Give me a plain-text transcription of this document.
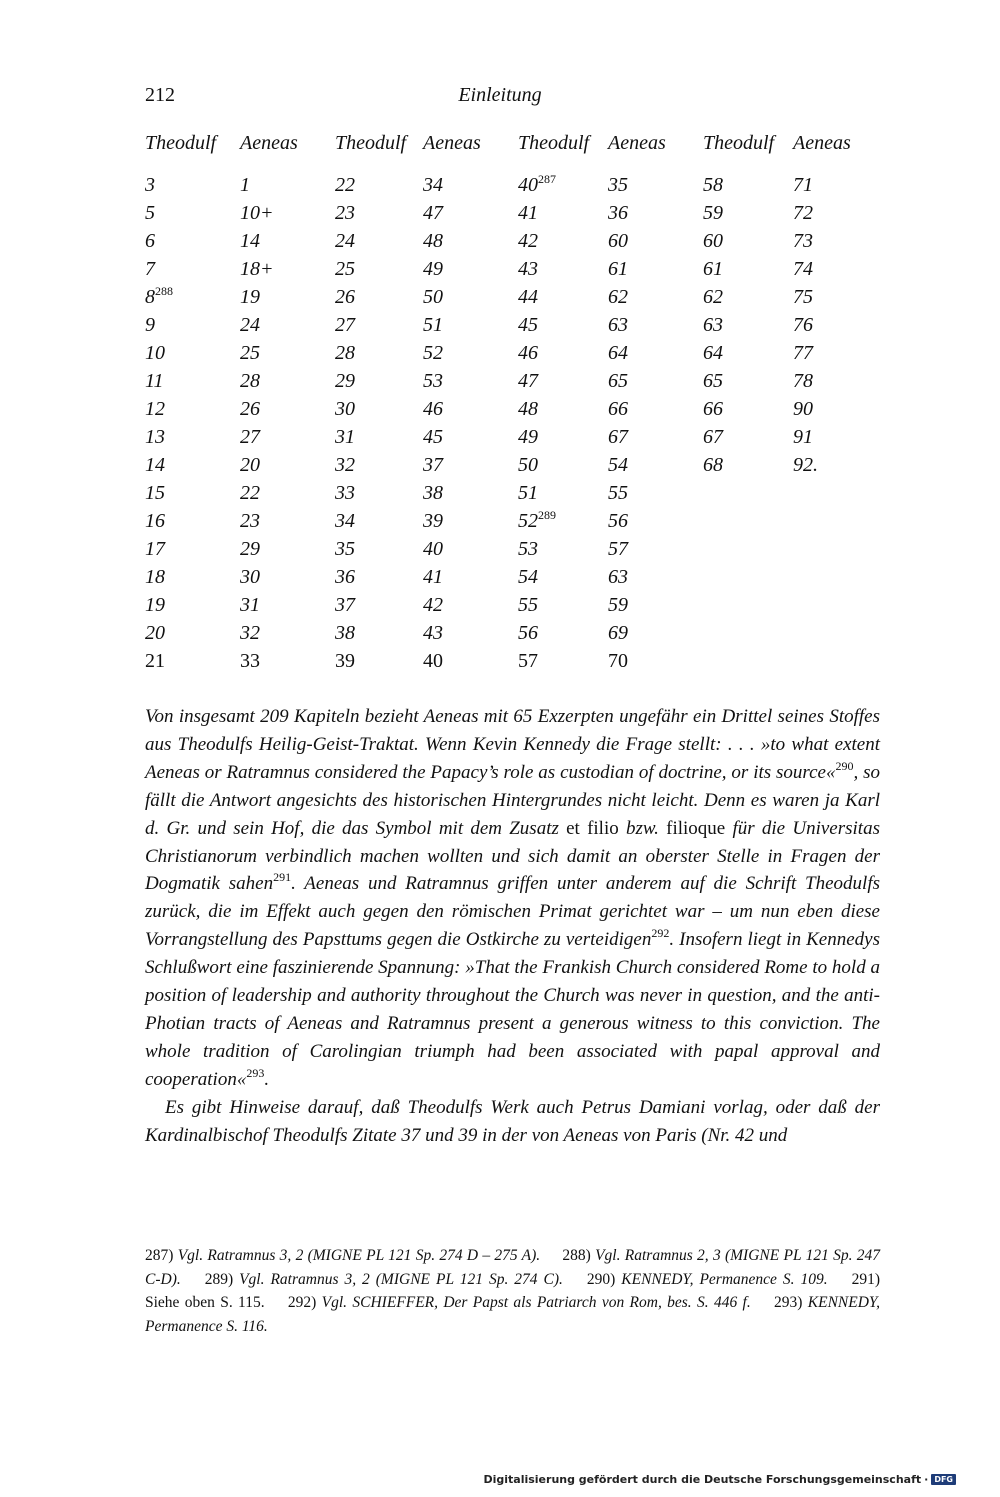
212	Einleitung
Theodulf	Aeneas	Theodulf	Aeneas	Theodulf	Aeneas	Theodulf	Aeneas
3	1	22	34	$40^{287}$	35	58	71
5	10+	23	47	41	36	59	72
6	14	24	48	42	60	60	73
7	18+	25	49	43	61	61	74
$8^{288}$	19	26	50	44	62	62	75
9	24	27	51	45	63	63	76
10	25	28	52	46	64	64	77
11	28	29	53	47	65	65	78
12	26	30	46	48	66	66	90
13	27	31	45	49	67	67	91
14	20	32	37	50	54	68	92.
15	22	33	38	51	55		
16	23	34	39	$52^{289}$	56		
17	29	35	40	53	57		
18	30	36	41	54	63		
19	31	37	42	55	59		
20	32	38	43	56	69		
21	33	39	40	57	70		

Von insgesamt 209 Kapiteln bezieht Aeneas mit 65 Exzerpten ungefähr ein Drittel seines Stoffes aus Theodulfs Heilig-Geist-Traktat. Wenn Kevin Kennedy die Frage stellt: . . . »to what extent Aeneas or Ratramnus considered the Papacy’s role as custodian of doctrine, or its source«$^{290}$, so fällt die Antwort angesichts des historischen Hintergrundes nicht leicht. Denn es waren ja Karl d. Gr. und sein Hof, die das Symbol mit dem Zusatz et filio bzw. filioque für die Universitas Christianorum verbindlich machen wollten und sich damit an oberster Stelle in Fragen der Dogmatik sahen$^{291}$. Aeneas und Ratramnus griffen unter anderem auf die Schrift Theodulfs zurück, die im Effekt auch gegen den römischen Primat gerichtet war – um nun eben diese Vorrangstellung des Papsttums gegen die Ostkirche zu verteidigen$^{292}$. Insofern liegt in Kennedys Schlußwort eine faszinierende Spannung: »That the Frankish Church considered Rome to hold a position of leadership and authority throughout the Church was never in question, and the anti-Photian tracts of Aeneas and Ratramnus present a generous witness to this conviction. The whole tradition of Carolingian triumph had been associated with papal approval and cooperation«$^{293}$.

Es gibt Hinweise darauf, daß Theodulfs Werk auch Petrus Damiani vorlag, oder daß der Kardinalbischof Theodulfs Zitate 37 und 39 in der von Aeneas von Paris (Nr. 42 und

287) Vgl. Ratramnus 3, 2 (MIGNE PL 121 Sp. 274 D – 275 A). 288) Vgl. Ratramnus 2, 3 (MIGNE PL 121 Sp. 247 C-D). 289) Vgl. Ratramnus 3, 2 (MIGNE PL 121 Sp. 274 C). 290) KENNEDY, Permanence S. 109. 291) Siehe oben S. 115. 292) Vgl. SCHIEFFER, Der Papst als Patriarch von Rom, bes. S. 446 f. 293) KENNEDY, Permanence S. 116.
Digitalisierung gefördert durch die Deutsche Forschungsgemeinschaft · DFG
